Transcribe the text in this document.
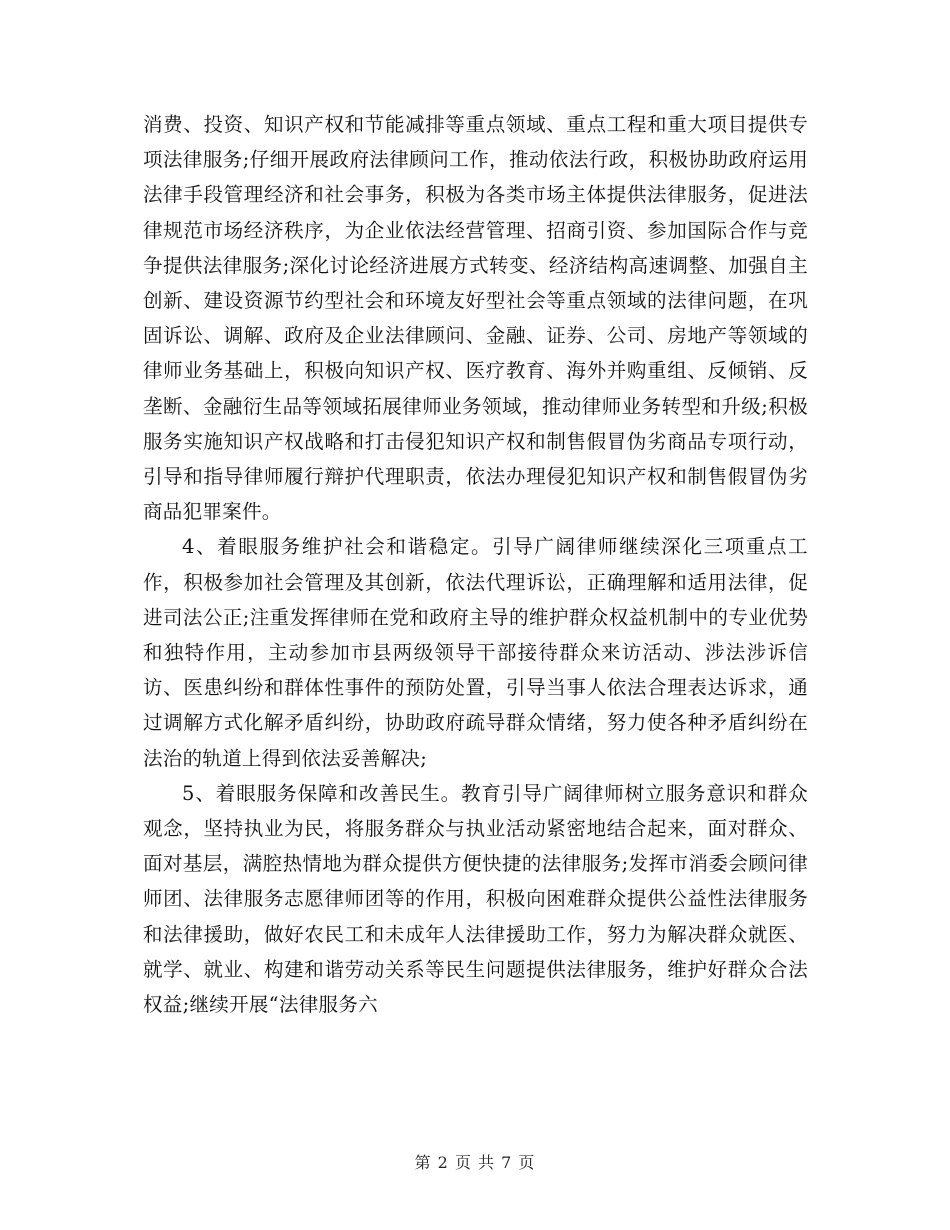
消费、投资、知识产权和节能减排等重点领域、重点工程和重大项目提供专项法律服务;仔细开展政府法律顾问工作，推动依法行政，积极协助政府运用法律手段管理经济和社会事务，积极为各类市场主体提供法律服务，促进法律规范市场经济秩序，为企业依法经营管理、招商引资、参加国际合作与竞争提供法律服务;深化讨论经济进展方式转变、经济结构高速调整、加强自主创新、建设资源节约型社会和环境友好型社会等重点领域的法律问题，在巩固诉讼、调解、政府及企业法律顾问、金融、证券、公司、房地产等领域的律师业务基础上，积极向知识产权、医疗教育、海外并购重组、反倾销、反垄断、金融衍生品等领域拓展律师业务领域，推动律师业务转型和升级;积极服务实施知识产权战略和打击侵犯知识产权和制售假冒伪劣商品专项行动，引导和指导律师履行辩护代理职责，依法办理侵犯知识产权和制售假冒伪劣商品犯罪案件。

4、着眼服务维护社会和谐稳定。引导广阔律师继续深化三项重点工作，积极参加社会管理及其创新，依法代理诉讼，正确理解和适用法律，促进司法公正;注重发挥律师在党和政府主导的维护群众权益机制中的专业优势和独特作用，主动参加市县两级领导干部接待群众来访活动、涉法涉诉信访、医患纠纷和群体性事件的预防处置，引导当事人依法合理表达诉求，通过调解方式化解矛盾纠纷，协助政府疏导群众情绪，努力使各种矛盾纠纷在法治的轨道上得到依法妥善解决;

5、着眼服务保障和改善民生。教育引导广阔律师树立服务意识和群众观念，坚持执业为民，将服务群众与执业活动紧密地结合起来，面对群众、面对基层，满腔热情地为群众提供方便快捷的法律服务;发挥市消委会顾问律师团、法律服务志愿律师团等的作用，积极向困难群众提供公益性法律服务和法律援助，做好农民工和未成年人法律援助工作，努力为解决群众就医、就学、就业、构建和谐劳动关系等民生问题提供法律服务，维护好群众合法权益;继续开展“法律服务六

第 2 页 共 7 页
